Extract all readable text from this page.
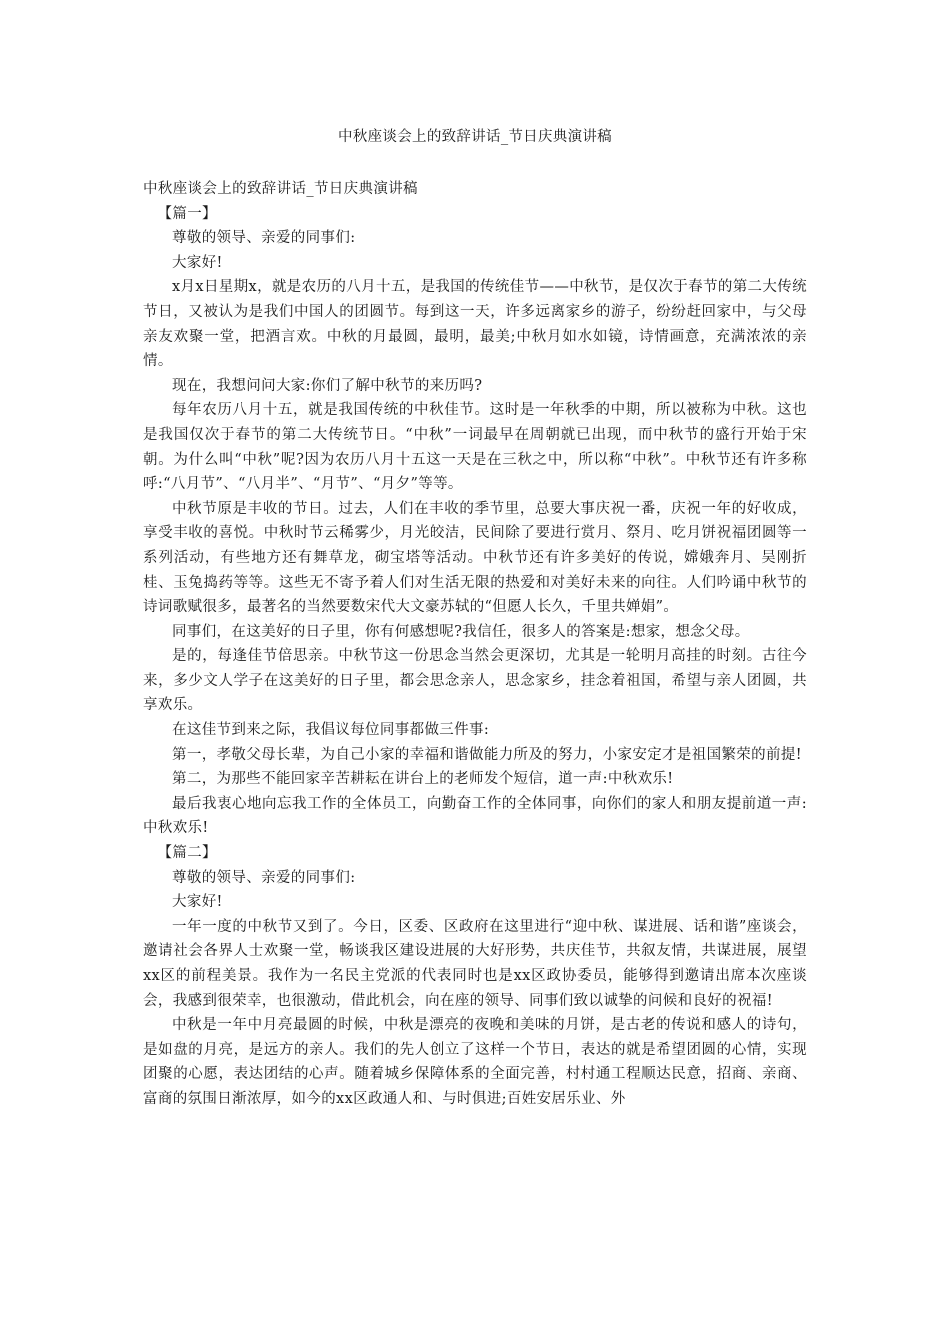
中秋座谈会上的致辞讲话_节日庆典演讲稿

中秋座谈会上的致辞讲话_节日庆典演讲稿

【篇一】

尊敬的领导、亲爱的同事们:

大家好!

x月x日星期x，就是农历的八月十五，是我国的传统佳节——中秋节，是仅次于春节的第二大传统节日，又被认为是我们中国人的团圆节。每到这一天，许多远离家乡的游子，纷纷赶回家中，与父母亲友欢聚一堂，把酒言欢。中秋的月最圆，最明，最美;中秋月如水如镜，诗情画意，充满浓浓的亲情。

现在，我想问问大家:你们了解中秋节的来历吗?

每年农历八月十五，就是我国传统的中秋佳节。这时是一年秋季的中期，所以被称为中秋。这也是我国仅次于春节的第二大传统节日。“中秋”一词最早在周朝就已出现，而中秋节的盛行开始于宋朝。为什么叫“中秋”呢?因为农历八月十五这一天是在三秋之中，所以称“中秋”。中秋节还有许多称呼:“八月节”、“八月半”、“月节”、“月夕”等等。

中秋节原是丰收的节日。过去，人们在丰收的季节里，总要大事庆祝一番，庆祝一年的好收成，享受丰收的喜悦。中秋时节云稀雾少，月光皎洁，民间除了要进行赏月、祭月、吃月饼祝福团圆等一系列活动，有些地方还有舞草龙，砌宝塔等活动。中秋节还有许多美好的传说，嫦娥奔月、吴刚折桂、玉兔捣药等等。这些无不寄予着人们对生活无限的热爱和对美好未来的向往。人们吟诵中秋节的诗词歌赋很多，最著名的当然要数宋代大文豪苏轼的“但愿人长久，千里共婵娟”。

同事们，在这美好的日子里，你有何感想呢?我信任，很多人的答案是:想家，想念父母。

是的，每逢佳节倍思亲。中秋节这一份思念当然会更深切，尤其是一轮明月高挂的时刻。古往今来，多少文人学子在这美好的日子里，都会思念亲人，思念家乡，挂念着祖国，希望与亲人团圆，共享欢乐。

在这佳节到来之际，我倡议每位同事都做三件事:

第一，孝敬父母长辈，为自己小家的幸福和谐做能力所及的努力，小家安定才是祖国繁荣的前提!

第二，为那些不能回家辛苦耕耘在讲台上的老师发个短信，道一声:中秋欢乐!

最后我衷心地向忘我工作的全体员工，向勤奋工作的全体同事，向你们的家人和朋友提前道一声:中秋欢乐!

【篇二】

尊敬的领导、亲爱的同事们:

大家好!

一年一度的中秋节又到了。今日，区委、区政府在这里进行“迎中秋、谋进展、话和谐”座谈会，邀请社会各界人士欢聚一堂，畅谈我区建设进展的大好形势，共庆佳节，共叙友情，共谋进展，展望xx区的前程美景。我作为一名民主党派的代表同时也是xx区政协委员，能够得到邀请出席本次座谈会，我感到很荣幸，也很激动，借此机会，向在座的领导、同事们致以诚挚的问候和良好的祝福!

中秋是一年中月亮最圆的时候，中秋是漂亮的夜晚和美味的月饼，是古老的传说和感人的诗句，是如盘的月亮，是远方的亲人。我们的先人创立了这样一个节日，表达的就是希望团圆的心情，实现团聚的心愿，表达团结的心声。随着城乡保障体系的全面完善，村村通工程顺达民意，招商、亲商、富商的氛围日渐浓厚，如今的xx区政通人和、与时俱进;百姓安居乐业、外
